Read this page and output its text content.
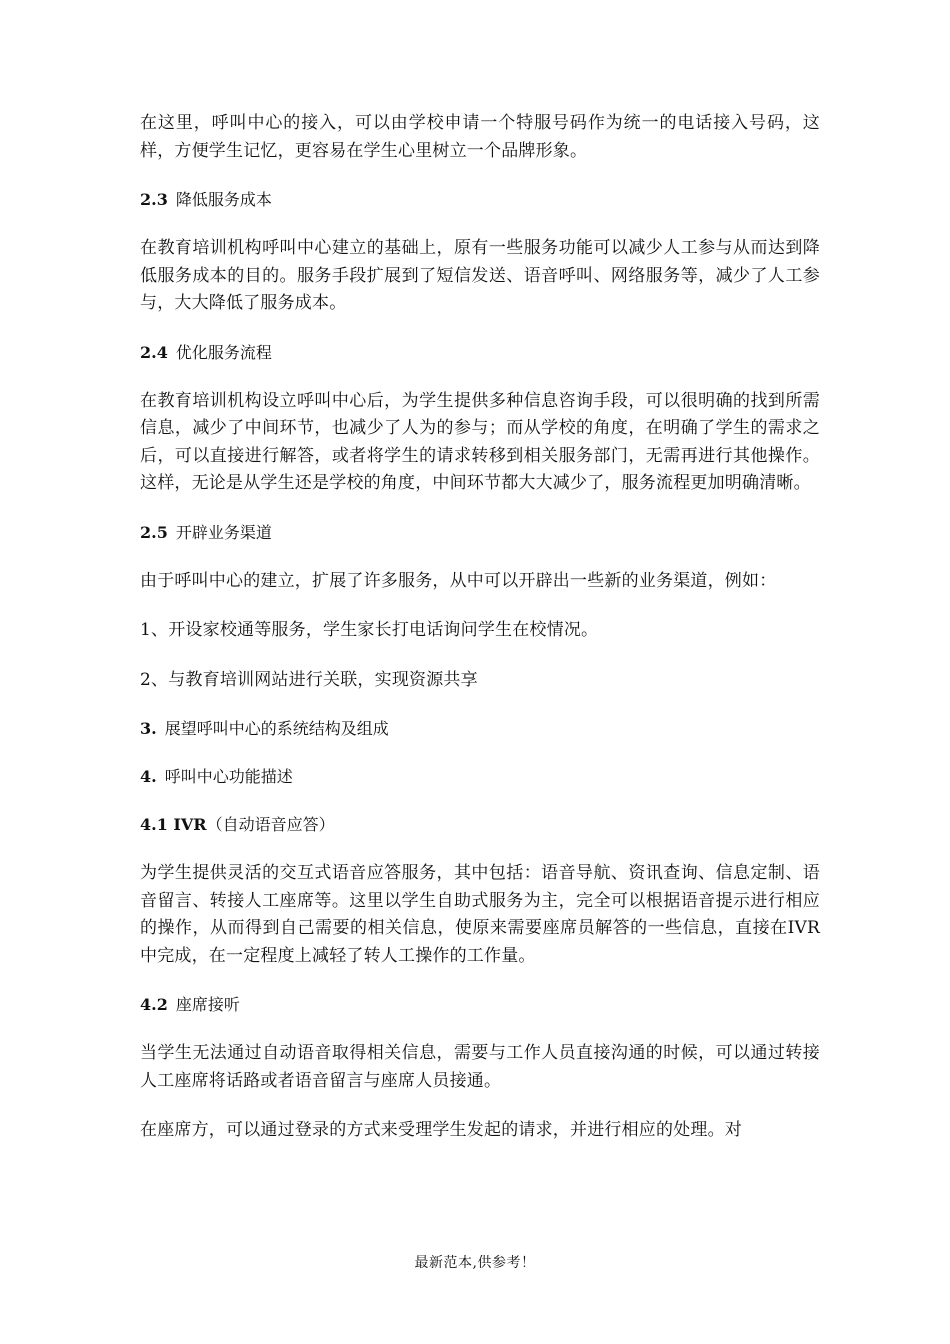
在这里，呼叫中心的接入，可以由学校申请一个特服号码作为统一的电话接入号码，这样，方便学生记忆，更容易在学生心里树立一个品牌形象。

2.3 降低服务成本

在教育培训机构呼叫中心建立的基础上，原有一些服务功能可以减少人工参与从而达到降低服务成本的目的。服务手段扩展到了短信发送、语音呼叫、网络服务等，减少了人工参与，大大降低了服务成本。

2.4 优化服务流程

在教育培训机构设立呼叫中心后，为学生提供多种信息咨询手段，可以很明确的找到所需信息，减少了中间环节，也减少了人为的参与；而从学校的角度，在明确了学生的需求之后，可以直接进行解答，或者将学生的请求转移到相关服务部门，无需再进行其他操作。这样，无论是从学生还是学校的角度，中间环节都大大减少了，服务流程更加明确清晰。

2.5 开辟业务渠道

由于呼叫中心的建立，扩展了许多服务，从中可以开辟出一些新的业务渠道，例如：

1、开设家校通等服务，学生家长打电话询问学生在校情况。

2、与教育培训网站进行关联，实现资源共享

3. 展望呼叫中心的系统结构及组成
4. 呼叫中心功能描述
4.1 IVR（自动语音应答）

为学生提供灵活的交互式语音应答服务，其中包括：语音导航、资讯查询、信息定制、语音留言、转接人工座席等。这里以学生自助式服务为主，完全可以根据语音提示进行相应的操作，从而得到自己需要的相关信息，使原来需要座席员解答的一些信息，直接在IVR中完成，在一定程度上减轻了转人工操作的工作量。

4.2 座席接听

当学生无法通过自动语音取得相关信息，需要与工作人员直接沟通的时候，可以通过转接人工座席将话路或者语音留言与座席人员接通。

在座席方，可以通过登录的方式来受理学生发起的请求，并进行相应的处理。对

最新范本,供参考！
